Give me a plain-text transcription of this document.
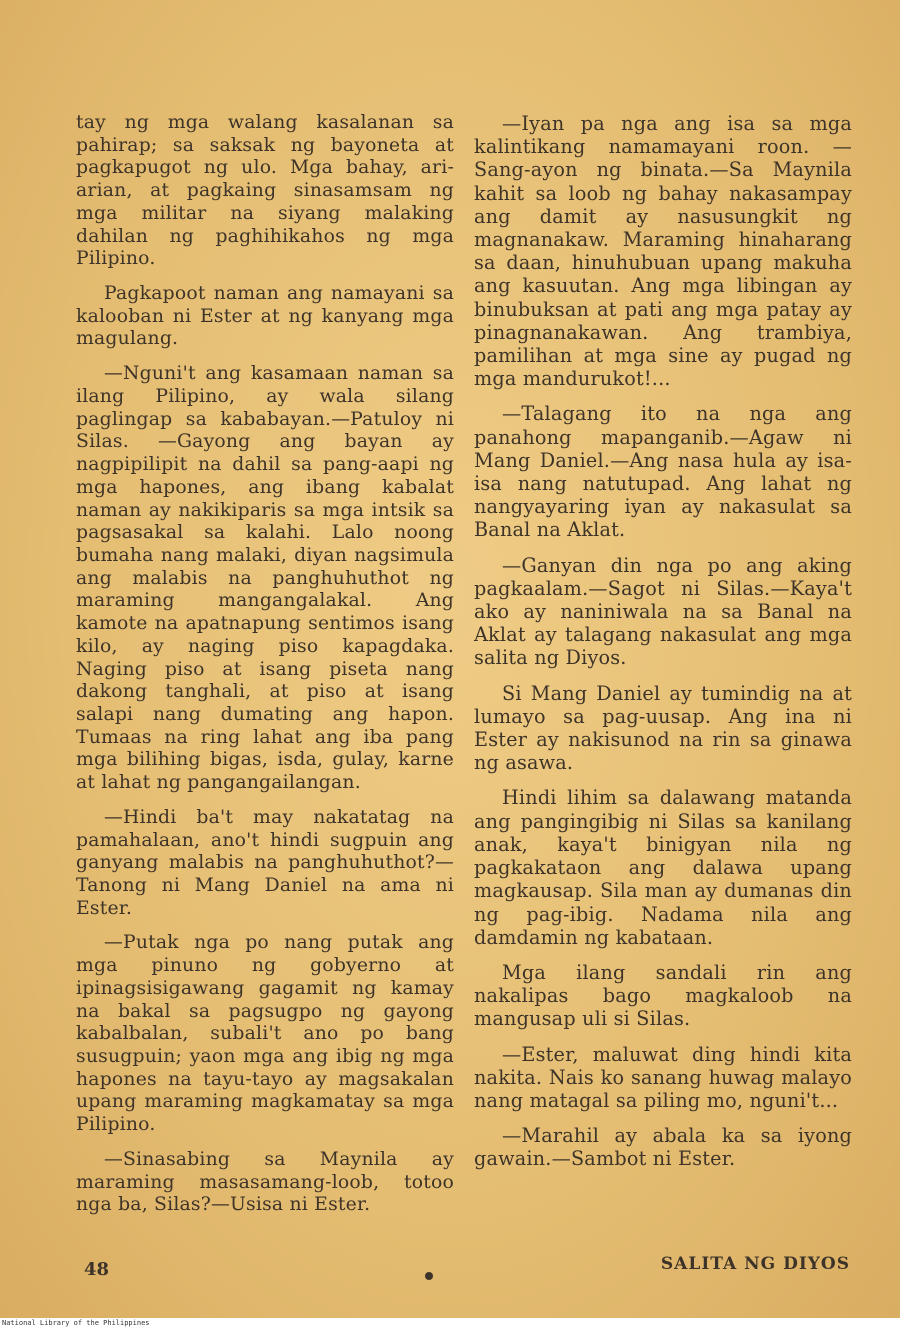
tay ng mga walang kasalanan sa pahirap; sa saksak ng bayoneta at pagkapugot ng ulo. Mga bahay, ari-arian, at pagkaing sinasamsam ng mga militar na siyang malaking dahilan ng paghihikahos ng mga Pilipino.

Pagkapoot naman ang namayani sa kalooban ni Ester at ng kanyang mga magulang.

—Nguni't ang kasamaan naman sa ilang Pilipino, ay wala silang paglingap sa kababayan.—Patuloy ni Silas. —Gayong ang bayan ay nagpipilipit na dahil sa pang-aapi ng mga hapones, ang ibang kabalat naman ay nakikiparis sa mga intsik sa pagsasakal sa kalahi. Lalo noong bumaha nang malaki, diyan nagsimula ang malabis na panghuhuthot ng maraming mangangalakal. Ang kamote na apatnapung sentimos isang kilo, ay naging piso kapagdaka. Naging piso at isang piseta nang dakong tanghali, at piso at isang salapi nang dumating ang hapon. Tumaas na ring lahat ang iba pang mga bilihing bigas, isda, gulay, karne at lahat ng pangangailangan.

—Hindi ba't may nakatatag na pamahalaan, ano't hindi sugpuin ang ganyang malabis na panghuhuthot?—Tanong ni Mang Daniel na ama ni Ester.

—Putak nga po nang putak ang mga pinuno ng gobyerno at ipinagsisigawang gagamit ng kamay na bakal sa pagsugpo ng gayong kabalbalan, subali't ano po bang susugpuin; yaon mga ang ibig ng mga hapones na tayu-tayo ay magsakalan upang maraming magkamatay sa mga Pilipino.

—Sinasabing sa Maynila ay maraming masasamang-loob, totoo nga ba, Silas?—Usisa ni Ester.

—Iyan pa nga ang isa sa mga kalintikang namamayani roon. —Sang-ayon ng binata.—Sa Maynila kahit sa loob ng bahay nakasampay ang damit ay nasusungkit ng magnanakaw. Maraming hinaharang sa daan, hinuhubuan upang makuha ang kasuutan. Ang mga libingan ay binubuksan at pati ang mga patay ay pinagnanakawan. Ang trambiya, pamilihan at mga sine ay pugad ng mga mandurukot!...

—Talagang ito na nga ang panahong mapanganib.—Agaw ni Mang Daniel.—Ang nasa hula ay isa-isa nang natutupad. Ang lahat ng nangyayaring iyan ay nakasulat sa Banal na Aklat.

—Ganyan din nga po ang aking pagkaalam.—Sagot ni Silas.—Kaya't ako ay naniniwala na sa Banal na Aklat ay talagang nakasulat ang mga salita ng Diyos.

Si Mang Daniel ay tumindig na at lumayo sa pag-uusap. Ang ina ni Ester ay nakisunod na rin sa ginawa ng asawa.

Hindi lihim sa dalawang matanda ang pangingibig ni Silas sa kanilang anak, kaya't binigyan nila ng pagkakataon ang dalawa upang magkausap. Sila man ay dumanas din ng pag-ibig. Nadama nila ang damdamin ng kabataan.

Mga ilang sandali rin ang nakalipas bago magkaloob na mangusap uli si Silas.

—Ester, maluwat ding hindi kita nakita. Nais ko sanang huwag malayo nang matagal sa piling mo, nguni't...

—Marahil ay abala ka sa iyong gawain.—Sambot ni Ester.

48	SALITA NG DIYOS
National Library of the Philippines
